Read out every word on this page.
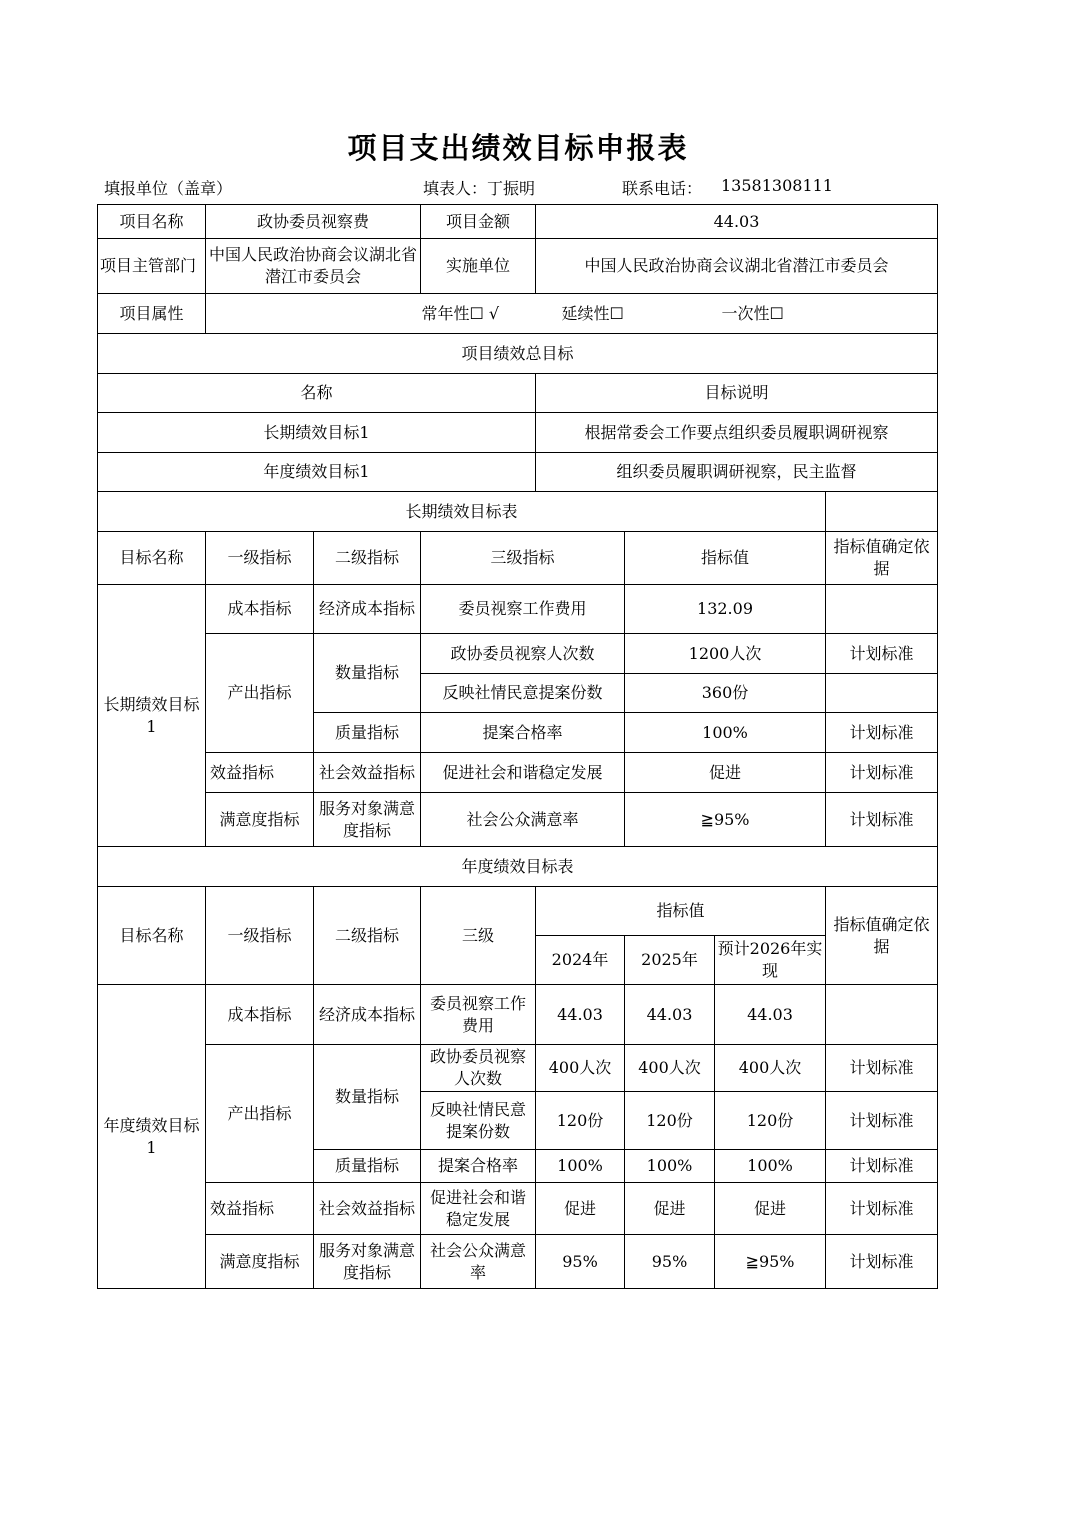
项目支出绩效目标申报表
填报单位（盖章）	填表人：丁振明	联系电话： 13581308111
项目名称	政协委员视察费		项目金额	44.03			
项目主管部门	中国人民政治协商会议湖北省潜江市委员会		实施单位	中国人民政治协商会议湖北省潜江市委员会			
项目属性	常年性☐ √ 延续性☐ 一次性☐						
项目绩效总目标							
名称				目标说明			
长期绩效目标1				根据常委会工作要点组织委员履职调研视察			
年度绩效目标1				组织委员履职调研视察，民主监督			
长期绩效目标表							
目标名称	一级指标	二级指标	三级指标		指标值		指标值确定依据
长期绩效目标1	成本指标	经济成本指标	委员视察工作费用		132.09		
	产出指标	数量指标	政协委员视察人次数		1200人次		计划标准
			反映社情民意提案份数		360份		
		质量指标	提案合格率		100%		计划标准
	效益指标	社会效益指标	促进社会和谐稳定发展		促进		计划标准
	满意度指标	服务对象满意度指标	社会公众满意率		≧95%		计划标准
年度绩效目标表							
目标名称	一级指标	二级指标	三级	指标值			指标值确定依据
				2024年	2025年	预计2026年实现	
年度绩效目标1	成本指标	经济成本指标	委员视察工作费用	44.03	44.03	44.03	
	产出指标	数量指标	政协委员视察人次数	400人次	400人次	400人次	计划标准
			反映社情民意提案份数	120份	120份	120份	计划标准
		质量指标	提案合格率	100%	100%	100%	计划标准
	效益指标	社会效益指标	促进社会和谐稳定发展	促进	促进	促进	计划标准
	满意度指标	服务对象满意度指标	社会公众满意率	95%	95%	≧95%	计划标准
